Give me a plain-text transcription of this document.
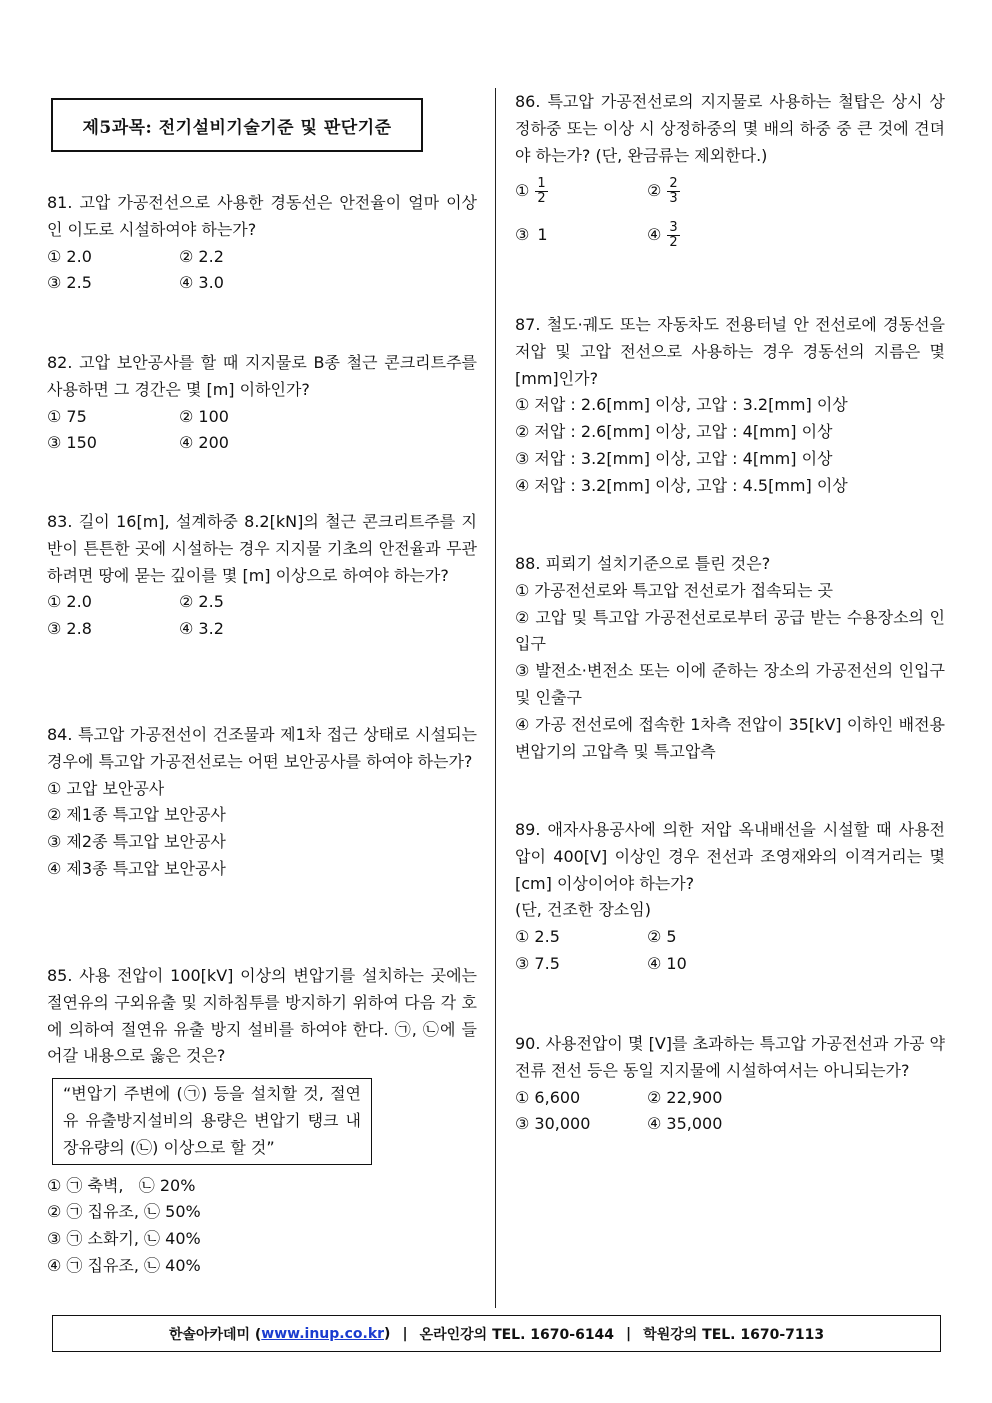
제5과목: 전기설비기술기준 및 판단기준
81. 고압 가공전선으로 사용한 경동선은 안전율이 얼마 이상인 이도로 시설하여야 하는가?
① 2.0	② 2.2
③ 2.5	④ 3.0
82. 고압 보안공사를 할 때 지지물로 B종 철근 콘크리트주를 사용하면 그 경간은 몇 [m] 이하인가?
① 75	② 100
③ 150	④ 200
83. 길이 16[m], 설계하중 8.2[kN]의 철근 콘크리트주를 지반이 튼튼한 곳에 시설하는 경우 지지물 기초의 안전율과 무관하려면 땅에 묻는 깊이를 몇 [m] 이상으로 하여야 하는가?
① 2.0	② 2.5
③ 2.8	④ 3.2
84. 특고압 가공전선이 건조물과 제1차 접근 상태로 시설되는 경우에 특고압 가공전선로는 어떤 보안공사를 하여야 하는가?
① 고압 보안공사
② 제1종 특고압 보안공사
③ 제2종 특고압 보안공사
④ 제3종 특고압 보안공사
85. 사용 전압이 100[kV] 이상의 변압기를 설치하는 곳에는 절연유의 구외유출 및 지하침투를 방지하기 위하여 다음 각 호에 의하여 절연유 유출 방지 설비를 하여야 한다. ㉠, ㉡에 들어갈 내용으로 옳은 것은?
“변압기 주변에 (㉠) 등을 설치할 것, 절연유 유출방지설비의 용량은 변압기 탱크 내 장유량의 (㉡) 이상으로 할 것”
① ㉠ 축벽,   ㉡ 20%
② ㉠ 집유조, ㉡ 50%
③ ㉠ 소화기, ㉡ 40%
④ ㉠ 집유조, ㉡ 40%
86. 특고압 가공전선로의 지지물로 사용하는 철탑은 상시 상정하중 또는 이상 시 상정하중의 몇 배의 하중 중 큰 것에 견뎌야 하는가? (단, 완금류는 제외한다.)
① $\frac{1}{2}$	② $\frac{2}{3}$
③ 1	④ $\frac{3}{2}$
87. 철도·궤도 또는 자동차도 전용터널 안 전선로에 경동선을 저압 및 고압 전선으로 사용하는 경우 경동선의 지름은 몇 [mm]인가?
① 저압 : 2.6[mm] 이상, 고압 : 3.2[mm] 이상
② 저압 : 2.6[mm] 이상, 고압 : 4[mm] 이상
③ 저압 : 3.2[mm] 이상, 고압 : 4[mm] 이상
④ 저압 : 3.2[mm] 이상, 고압 : 4.5[mm] 이상
88. 피뢰기 설치기준으로 틀린 것은?
① 가공전선로와 특고압 전선로가 접속되는 곳
② 고압 및 특고압 가공전선로로부터 공급 받는 수용장소의 인입구
③ 발전소·변전소 또는 이에 준하는 장소의 가공전선의 인입구 및 인출구
④ 가공 전선로에 접속한 1차측 전압이 35[kV] 이하인 배전용 변압기의 고압측 및 특고압측
89. 애자사용공사에 의한 저압 옥내배선을 시설할 때 사용전압이 400[V] 이상인 경우 전선과 조영재와의 이격거리는 몇 [cm] 이상이어야 하는가?
(단, 건조한 장소임)
① 2.5	② 5
③ 7.5	④ 10
90. 사용전압이 몇 [V]를 초과하는 특고압 가공전선과 가공 약전류 전선 등은 동일 지지물에 시설하여서는 아니되는가?
① 6,600	② 22,900
③ 30,000	④ 35,000
한솔아카데미 ( www.inup.co.kr ) | 온라인강의 TEL. 1670-6144 | 학원강의 TEL. 1670-7113
